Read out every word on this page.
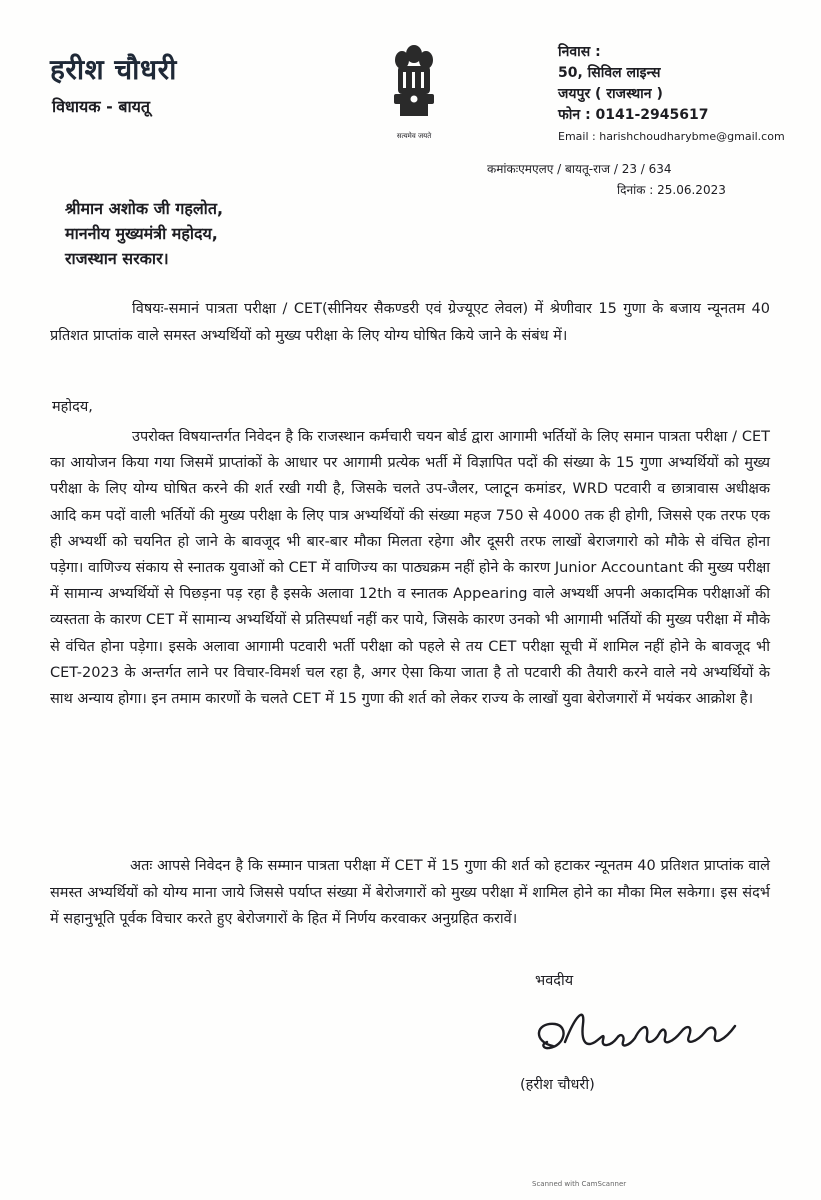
हरीश चौधरी
विधायक - बायतू
सत्यमेव जयते
निवास :
50, सिविल लाइन्स
जयपुर ( राजस्थान )
फोन : 0141-2945617
Email : harishchoudharybme@gmail.com
कमांकःएमएलए / बायतू-राज / 23 / 634
दिनांक : 25.06.2023
श्रीमान अशोक जी गहलोत,
माननीय मुख्यमंत्री महोदय,
राजस्थान सरकार।
विषयः-समानं पात्रता परीक्षा / CET(सीनियर सैकण्डरी एवं ग्रेज्यूएट लेवल) में श्रेणीवार 15 गुणा के बजाय न्यूनतम 40 प्रतिशत प्राप्तांक वाले समस्त अभ्यर्थियों को मुख्य परीक्षा के लिए योग्य घोषित किये जाने के संबंध में।
महोदय,
उपरोक्त विषयान्तर्गत निवेदन है कि राजस्थान कर्मचारी चयन बोर्ड द्वारा आगामी भर्तियों के लिए समान पात्रता परीक्षा / CET का आयोजन किया गया जिसमें प्राप्तांकों के आधार पर आगामी प्रत्येक भर्ती में विज्ञापित पदों की संख्या के 15 गुणा अभ्यर्थियों को मुख्य परीक्षा के लिए योग्य घोषित करने की शर्त रखी गयी है, जिसके चलते उप-जैलर, प्लाटून कमांडर, WRD पटवारी व छात्रावास अधीक्षक आदि कम पदों वाली भर्तियों की मुख्य परीक्षा के लिए पात्र अभ्यर्थियों की संख्या महज 750 से 4000 तक ही होगी, जिससे एक तरफ एक ही अभ्यर्थी को चयनित हो जाने के बावजूद भी बार-बार मौका मिलता रहेगा और दूसरी तरफ लाखों बेराजगारो को मौके से वंचित होना पड़ेगा। वाणिज्य संकाय से स्नातक युवाओं को CET में वाणिज्य का पाठ्यक्रम नहीं होने के कारण Junior Accountant की मुख्य परीक्षा में सामान्य अभ्यर्थियों से पिछड़ना पड़ रहा है इसके अलावा 12th व स्नातक Appearing वाले अभ्यर्थी अपनी अकादमिक परीक्षाओं की व्यस्तता के कारण CET में सामान्य अभ्यर्थियों से प्रतिस्पर्धा नहीं कर पाये, जिसके कारण उनको भी आगामी भर्तियों की मुख्य परीक्षा में मौके से वंचित होना पड़ेगा। इसके अलावा आगामी पटवारी भर्ती परीक्षा को पहले से तय CET परीक्षा सूची में शामिल नहीं होने के बावजूद भी CET-2023 के अन्तर्गत लाने पर विचार-विमर्श चल रहा है, अगर ऐसा किया जाता है तो पटवारी की तैयारी करने वाले नये अभ्यर्थियों के साथ अन्याय होगा। इन तमाम कारणों के चलते CET में 15 गुणा की शर्त को लेकर राज्य के लाखों युवा बेरोजगारों में भयंकर आक्रोश है।
अतः आपसे निवेदन है कि सम्मान पात्रता परीक्षा में CET में 15 गुणा की शर्त को हटाकर न्यूनतम 40 प्रतिशत प्राप्तांक वाले समस्त अभ्यर्थियों को योग्य माना जाये जिससे पर्याप्त संख्या में बेरोजगारों को मुख्य परीक्षा में शामिल होने का मौका मिल सकेगा। इस संदर्भ में सहानुभूति पूर्वक विचार करते हुए बेरोजगारों के हित में निर्णय करवाकर अनुग्रहित करावें।
भवदीय
(हरीश चौधरी)
Scanned with CamScanner
